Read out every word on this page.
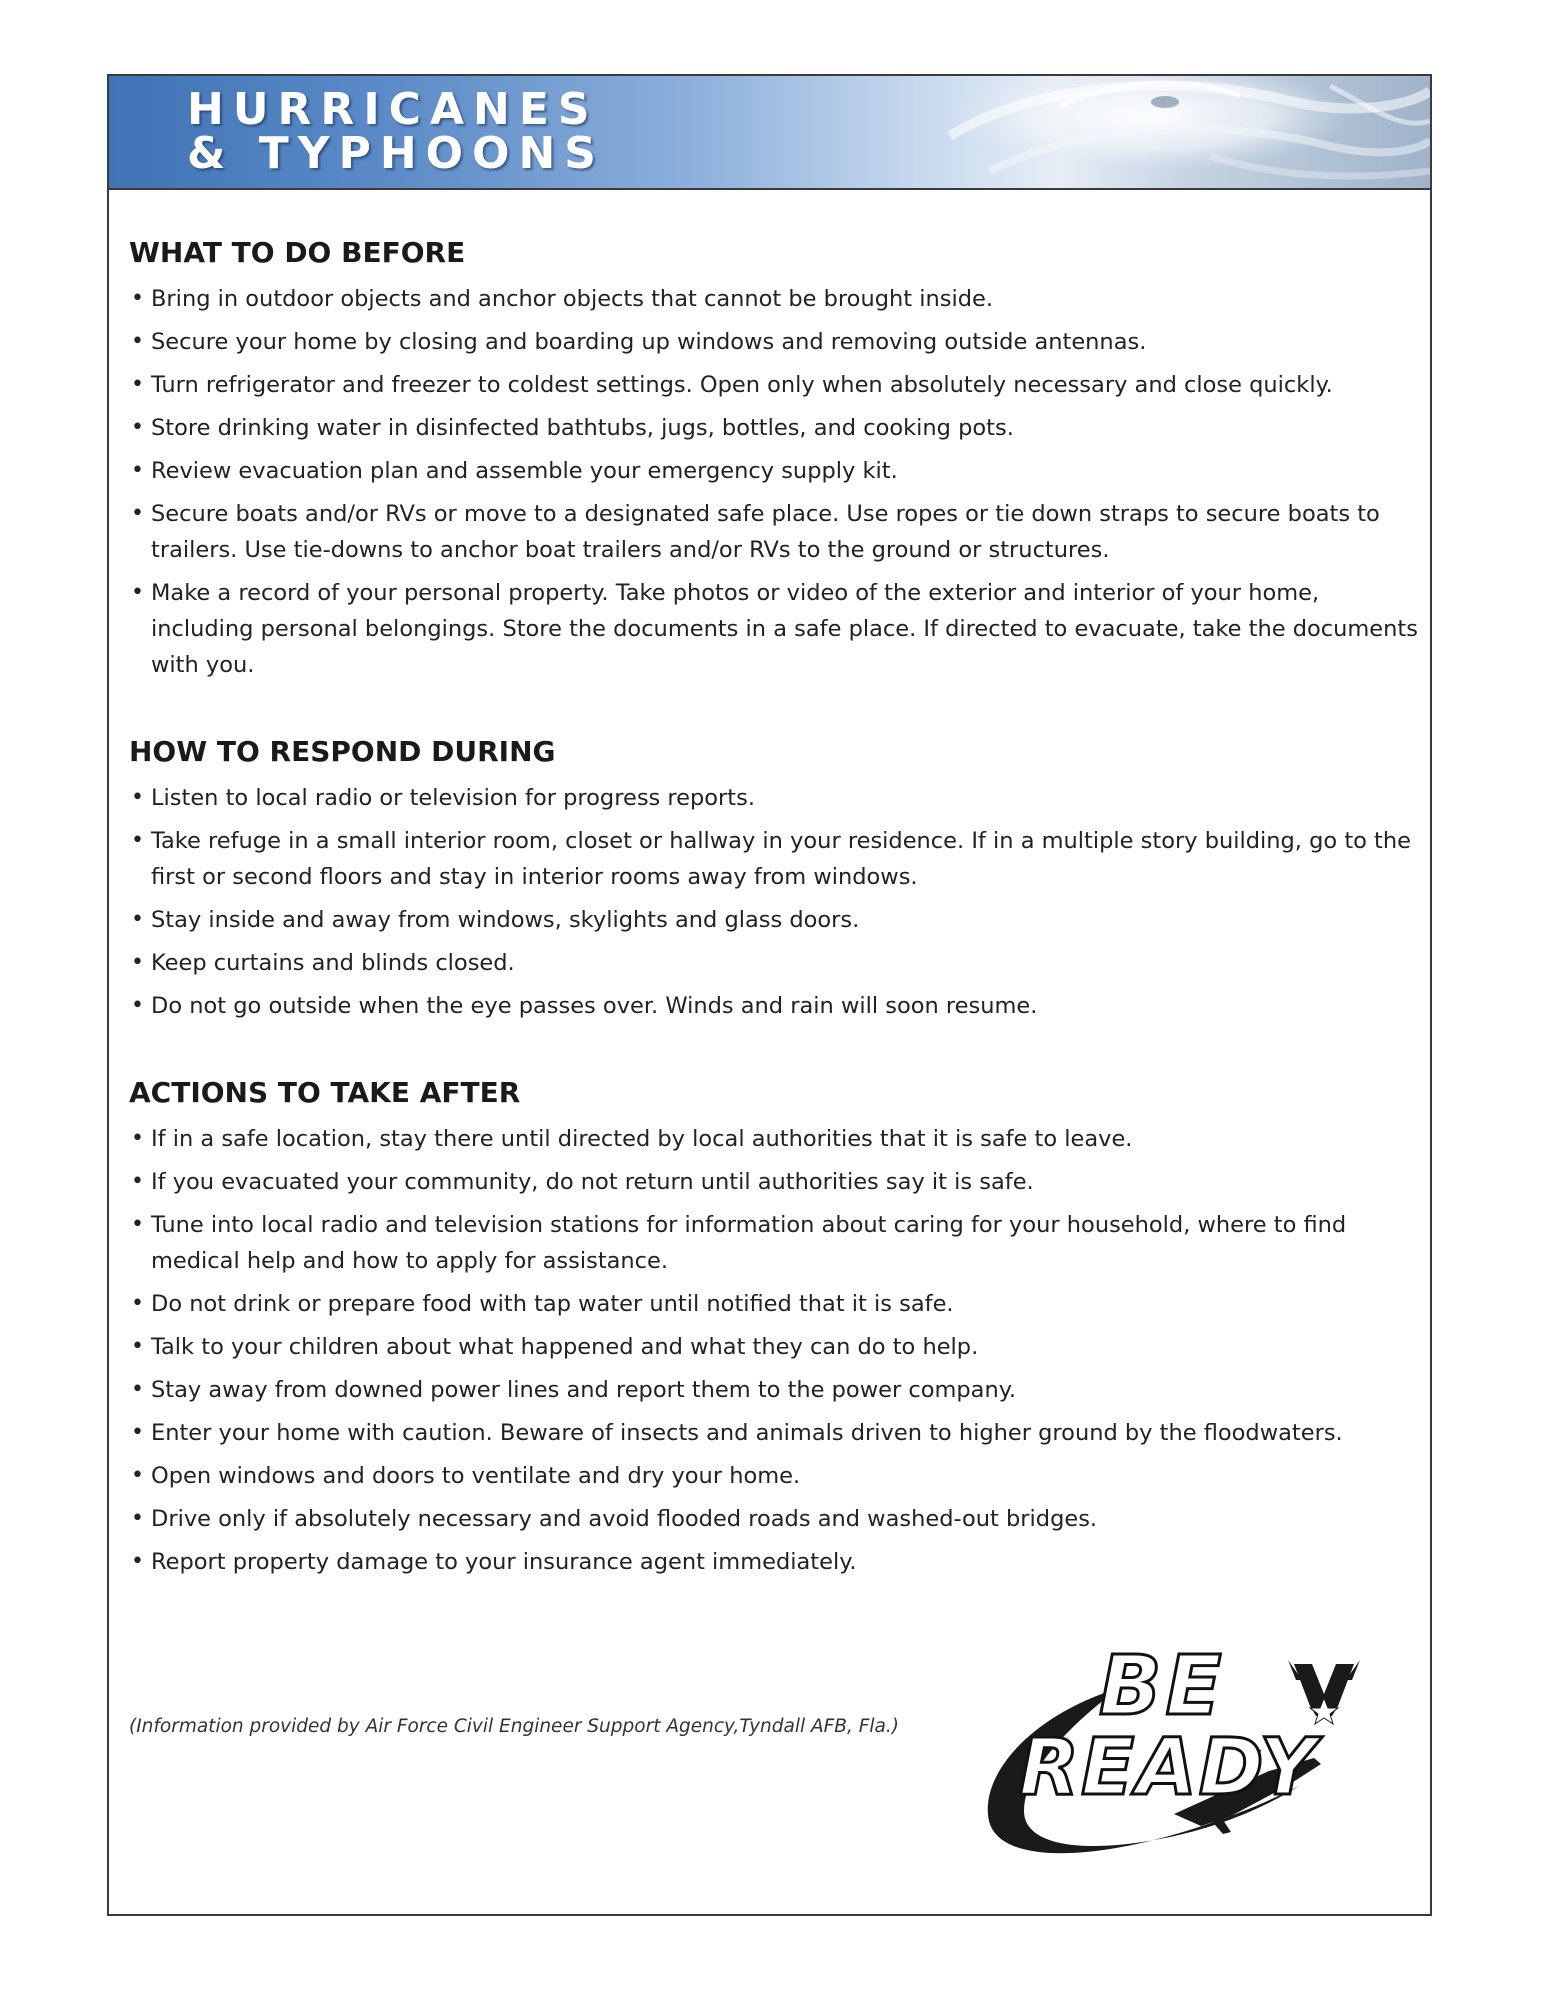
HURRICANES
& TYPHOONS
WHAT TO DO BEFORE
• Bring in outdoor objects and anchor objects that cannot be brought inside.
• Secure your home by closing and boarding up windows and removing outside antennas.
• Turn refrigerator and freezer to coldest settings. Open only when absolutely necessary and close quickly.
• Store drinking water in disinfected bathtubs, jugs, bottles, and cooking pots.
• Review evacuation plan and assemble your emergency supply kit.
• Secure boats and/or RVs or move to a designated safe place. Use ropes or tie down straps to secure boats to trailers. Use tie-downs to anchor boat trailers and/or RVs to the ground or structures.
• Make a record of your personal property. Take photos or video of the exterior and interior of your home, including personal belongings. Store the documents in a safe place. If directed to evacuate, take the documents with you.
HOW TO RESPOND DURING
• Listen to local radio or television for progress reports.
• Take refuge in a small interior room, closet or hallway in your residence. If in a multiple story building, go to the first or second floors and stay in interior rooms away from windows.
• Stay inside and away from windows, skylights and glass doors.
• Keep curtains and blinds closed.
• Do not go outside when the eye passes over. Winds and rain will soon resume.
ACTIONS TO TAKE AFTER
• If in a safe location, stay there until directed by local authorities that it is safe to leave.
• If you evacuated your community, do not return until authorities say it is safe.
• Tune into local radio and television stations for information about caring for your household, where to find medical help and how to apply for assistance.
• Do not drink or prepare food with tap water until notified that it is safe.
• Talk to your children about what happened and what they can do to help.
• Stay away from downed power lines and report them to the power company.
• Enter your home with caution. Beware of insects and animals driven to higher ground by the floodwaters.
• Open windows and doors to ventilate and dry your home.
• Drive only if absolutely necessary and avoid flooded roads and washed-out bridges.
• Report property damage to your insurance agent immediately.
(Information provided by Air Force Civil Engineer Support Agency,Tyndall AFB, Fla.) BE
READY
